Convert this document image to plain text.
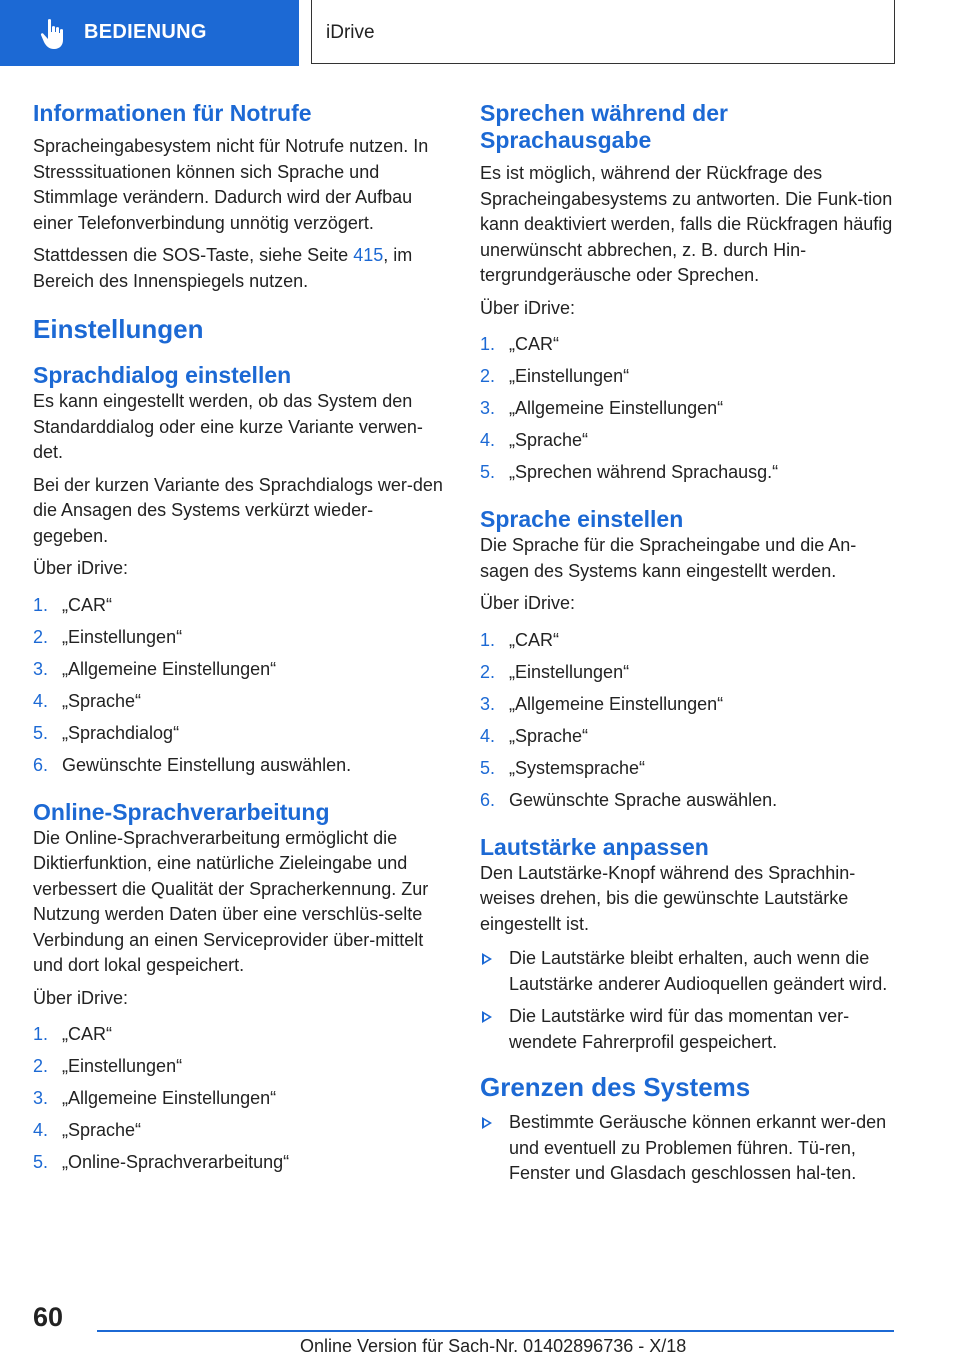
BEDIENUNG	iDrive
Informationen für Notrufe

Spracheingabesystem nicht für Notrufe nutzen. In Stresssituationen können sich Sprache und Stimmlage verändern. Dadurch wird der Aufbau einer Telefonverbindung unnötig verzögert.

Stattdessen die SOS-Taste, siehe Seite 415, im Bereich des Innenspiegels nutzen.

Einstellungen
Sprachdialog einstellen

Es kann eingestellt werden, ob das System den Standarddialog oder eine kurze Variante verwen-det.

Bei der kurzen Variante des Sprachdialogs wer-den die Ansagen des Systems verkürzt wieder-gegeben.

Über iDrive:

1. „CAR“
2. „Einstellungen“
3. „Allgemeine Einstellungen“
4. „Sprache“
5. „Sprachdialog“
6. Gewünschte Einstellung auswählen.
Online-Sprachverarbeitung

Die Online-Sprachverarbeitung ermöglicht die Diktierfunktion, eine natürliche Zieleingabe und verbessert die Qualität der Spracherkennung. Zur Nutzung werden Daten über eine verschlüs-selte Verbindung an einen Serviceprovider über-mittelt und dort lokal gespeichert.

Über iDrive:

1. „CAR“
2. „Einstellungen“
3. „Allgemeine Einstellungen“
4. „Sprache“
5. „Online-Sprachverarbeitung“
Sprechen während der Sprachausgabe

Es ist möglich, während der Rückfrage des Spracheingabesystems zu antworten. Die Funk-tion kann deaktiviert werden, falls die Rückfragen häufig unerwünscht abbrechen, z. B. durch Hin-tergrundgeräusche oder Sprechen.

Über iDrive:

1. „CAR“
2. „Einstellungen“
3. „Allgemeine Einstellungen“
4. „Sprache“
5. „Sprechen während Sprachausg.“
Sprache einstellen

Die Sprache für die Spracheingabe und die An-sagen des Systems kann eingestellt werden.

Über iDrive:

1. „CAR“
2. „Einstellungen“
3. „Allgemeine Einstellungen“
4. „Sprache“
5. „Systemsprache“
6. Gewünschte Sprache auswählen.
Lautstärke anpassen

Den Lautstärke-Knopf während des Sprachhin-weises drehen, bis die gewünschte Lautstärke eingestellt ist.

Die Lautstärke bleibt erhalten, auch wenn die Lautstärke anderer Audioquellen geändert wird.
Die Lautstärke wird für das momentan ver-wendete Fahrerprofil gespeichert.
Grenzen des Systems
Bestimmte Geräusche können erkannt wer-den und eventuell zu Problemen führen. Tü-ren, Fenster und Glasdach geschlossen hal-ten.
60
Online Version für Sach-Nr. 01402896736 - X/18
